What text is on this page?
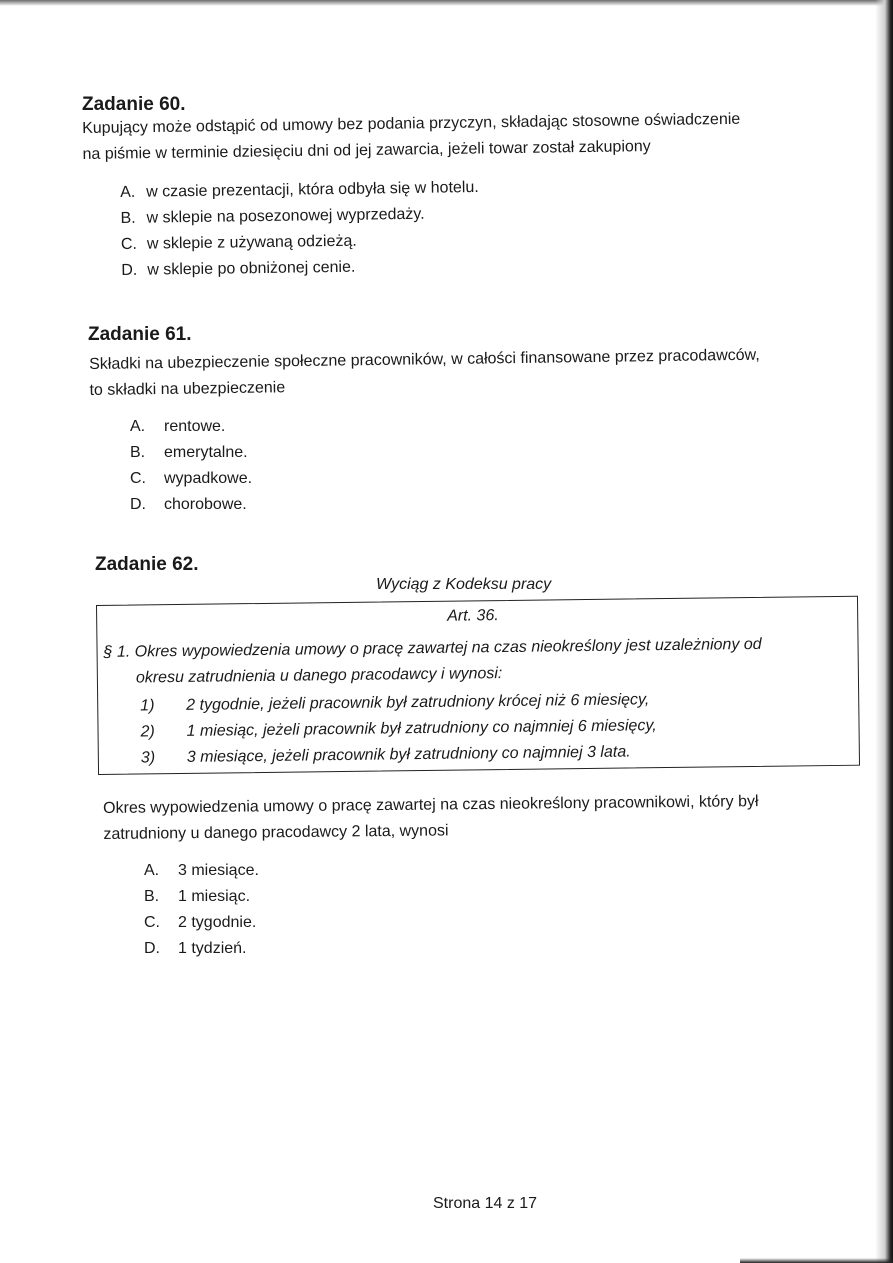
Zadanie 60.

Kupujący może odstąpić od umowy bez podania przyczyn, składając stosowne oświadczenie
na piśmie w terminie dziesięciu dni od jej zawarcia, jeżeli towar został zakupiony

A. w czasie prezentacji, która odbyła się w hotelu.
B. w sklepie na posezonowej wyprzedaży.
C. w sklepie z używaną odzieżą.
D. w sklepie po obniżonej cenie.
Zadanie 61.

Składki na ubezpieczenie społeczne pracowników, w całości finansowane przez pracodawców,
to składki na ubezpieczenie

A. rentowe.
B. emerytalne.
C. wypadkowe.
D. chorobowe.
Zadanie 62.

Wyciąg z Kodeksu pracy

Art. 36.

§ 1. Okres wypowiedzenia umowy o pracę zawartej na czas nieokreślony jest uzależniony od
okresu zatrudnienia u danego pracodawcy i wynosi:

1) 2 tygodnie, jeżeli pracownik był zatrudniony krócej niż 6 miesięcy,
2) 1 miesiąc, jeżeli pracownik był zatrudniony co najmniej 6 miesięcy,
3) 3 miesiące, jeżeli pracownik był zatrudniony co najmniej 3 lata.

Okres wypowiedzenia umowy o pracę zawartej na czas nieokreślony pracownikowi, który był
zatrudniony u danego pracodawcy 2 lata, wynosi

A. 3 miesiące.
B. 1 miesiąc.
C. 2 tygodnie.
D. 1 tydzień.

Strona 14 z 17
